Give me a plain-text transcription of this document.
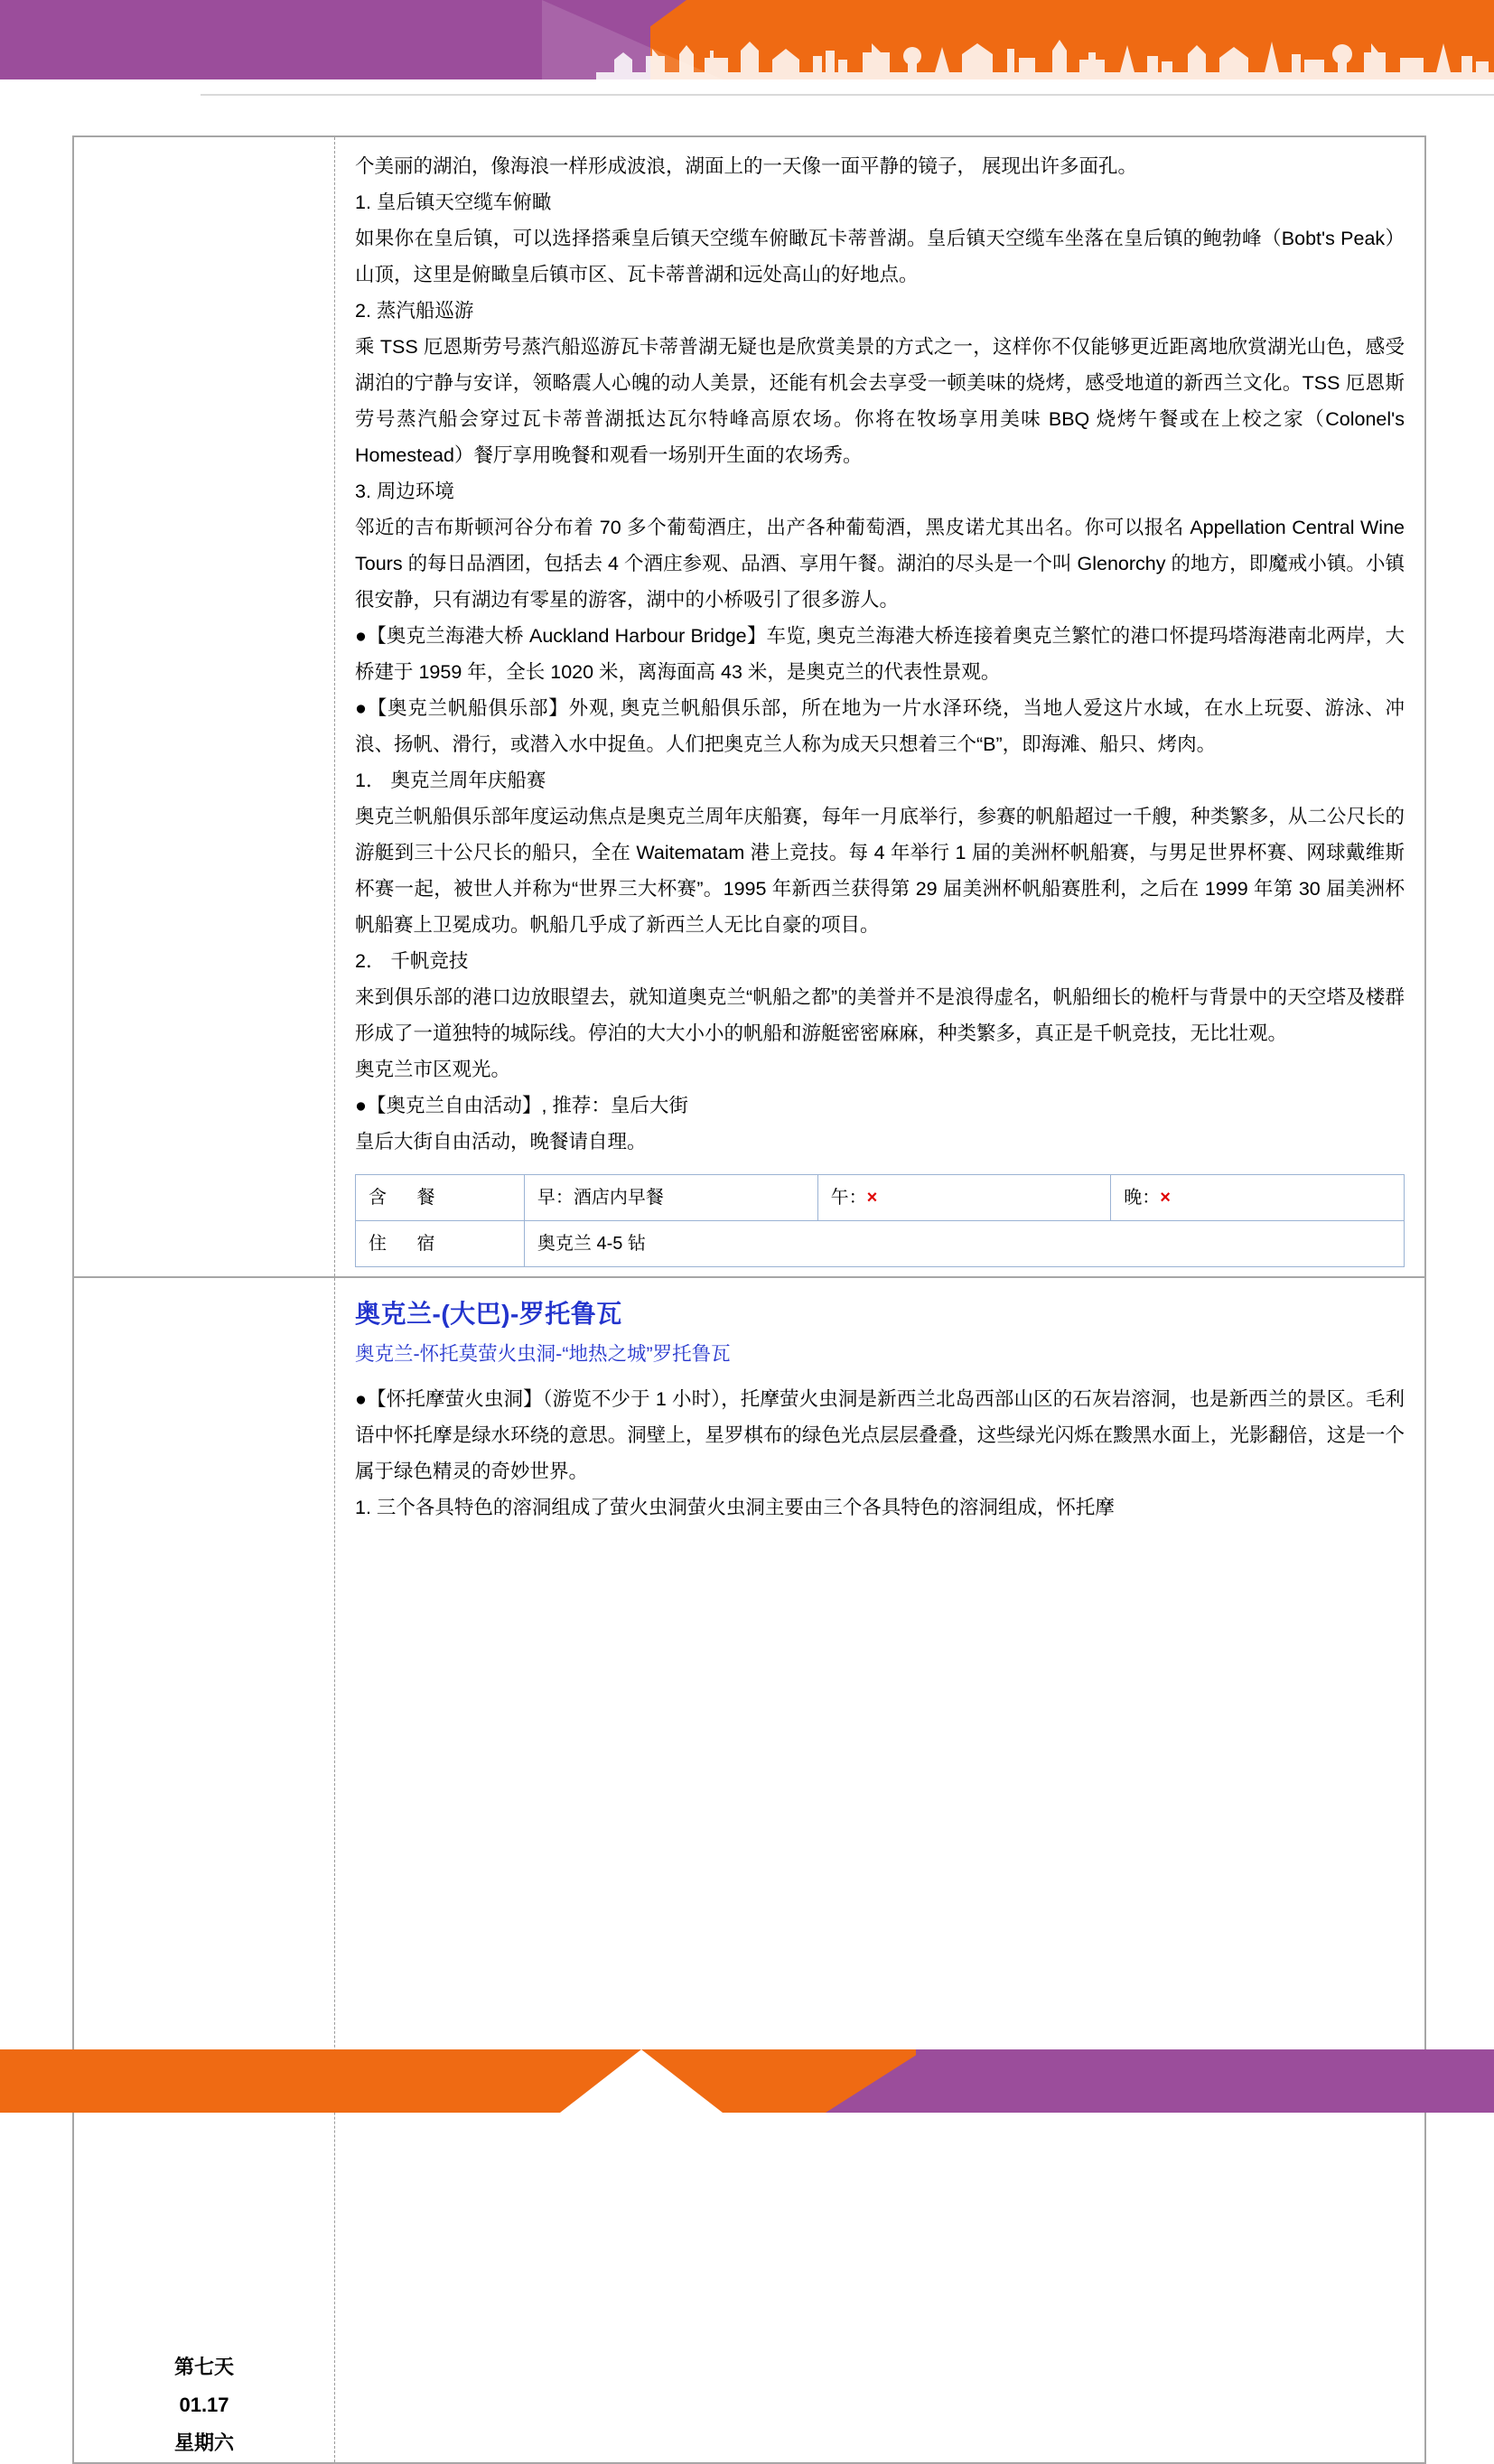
个美丽的湖泊，像海浪一样形成波浪，湖面上的一天像一面平静的镜子， 展现出许多面孔。

1. 皇后镇天空缆车俯瞰

如果你在皇后镇，可以选择搭乘皇后镇天空缆车俯瞰瓦卡蒂普湖。皇后镇天空缆车坐落在皇后镇的鲍勃峰（Bobt's Peak）山顶，这里是俯瞰皇后镇市区、瓦卡蒂普湖和远处高山的好地点。

2. 蒸汽船巡游

乘 TSS 厄恩斯劳号蒸汽船巡游瓦卡蒂普湖无疑也是欣赏美景的方式之一，这样你不仅能够更近距离地欣赏湖光山色，感受湖泊的宁静与安详，领略震人心魄的动人美景，还能有机会去享受一顿美味的烧烤，感受地道的新西兰文化。TSS 厄恩斯劳号蒸汽船会穿过瓦卡蒂普湖抵达瓦尔特峰高原农场。你将在牧场享用美味 BBQ 烧烤午餐或在上校之家（Colonel's Homestead）餐厅享用晚餐和观看一场别开生面的农场秀。

3. 周边环境

邻近的吉布斯顿河谷分布着 70 多个葡萄酒庄，出产各种葡萄酒，黑皮诺尤其出名。你可以报名 Appellation Central Wine Tours 的每日品酒团，包括去 4 个酒庄参观、品酒、享用午餐。湖泊的尽头是一个叫 Glenorchy 的地方，即魔戒小镇。小镇很安静，只有湖边有零星的游客，湖中的小桥吸引了很多游人。

●【奥克兰海港大桥 Auckland Harbour Bridge】车览, 奥克兰海港大桥连接着奥克兰繁忙的港口怀提玛塔海港南北两岸，大桥建于 1959 年，全长 1020 米，离海面高 43 米，是奥克兰的代表性景观。

●【奥克兰帆船俱乐部】外观, 奥克兰帆船俱乐部，所在地为一片水泽环绕，当地人爱这片水域，在水上玩耍、游泳、冲浪、扬帆、滑行，或潜入水中捉鱼。人们把奥克兰人称为成天只想着三个“B”，即海滩、船只、烤肉。

1． 奥克兰周年庆船赛

奥克兰帆船俱乐部年度运动焦点是奥克兰周年庆船赛，每年一月底举行，参赛的帆船超过一千艘，种类繁多，从二公尺长的游艇到三十公尺长的船只，全在 Waitematam 港上竞技。每 4 年举行 1 届的美洲杯帆船赛，与男足世界杯赛、网球戴维斯杯赛一起，被世人并称为“世界三大杯赛”。1995 年新西兰获得第 29 届美洲杯帆船赛胜利，之后在 1999 年第 30 届美洲杯帆船赛上卫冕成功。帆船几乎成了新西兰人无比自豪的项目。

2． 千帆竞技

来到俱乐部的港口边放眼望去，就知道奥克兰“帆船之都”的美誉并不是浪得虚名，帆船细长的桅杆与背景中的天空塔及楼群形成了一道独特的城际线。停泊的大大小小的帆船和游艇密密麻麻，种类繁多，真正是千帆竞技，无比壮观。

奥克兰市区观光。

●【奥克兰自由活动】, 推荐：皇后大街

皇后大街自由活动，晚餐请自理。

含 餐	早：酒店内早餐	午：×	晚：×
住 宿	奥克兰 4-5 钻

第七天
01.17
星期六

奥克兰-(大巴)-罗托鲁瓦
奥克兰-怀托莫萤火虫洞-“地热之城”罗托鲁瓦

●【怀托摩萤火虫洞】（游览不少于 1 小时），托摩萤火虫洞是新西兰北岛西部山区的石灰岩溶洞，也是新西兰的景区。毛利语中怀托摩是绿水环绕的意思。洞壁上，星罗棋布的绿色光点层层叠叠，这些绿光闪烁在黢黑水面上，光影翻倍，这是一个属于绿色精灵的奇妙世界。

1. 三个各具特色的溶洞组成了萤火虫洞萤火虫洞主要由三个各具特色的溶洞组成，怀托摩
